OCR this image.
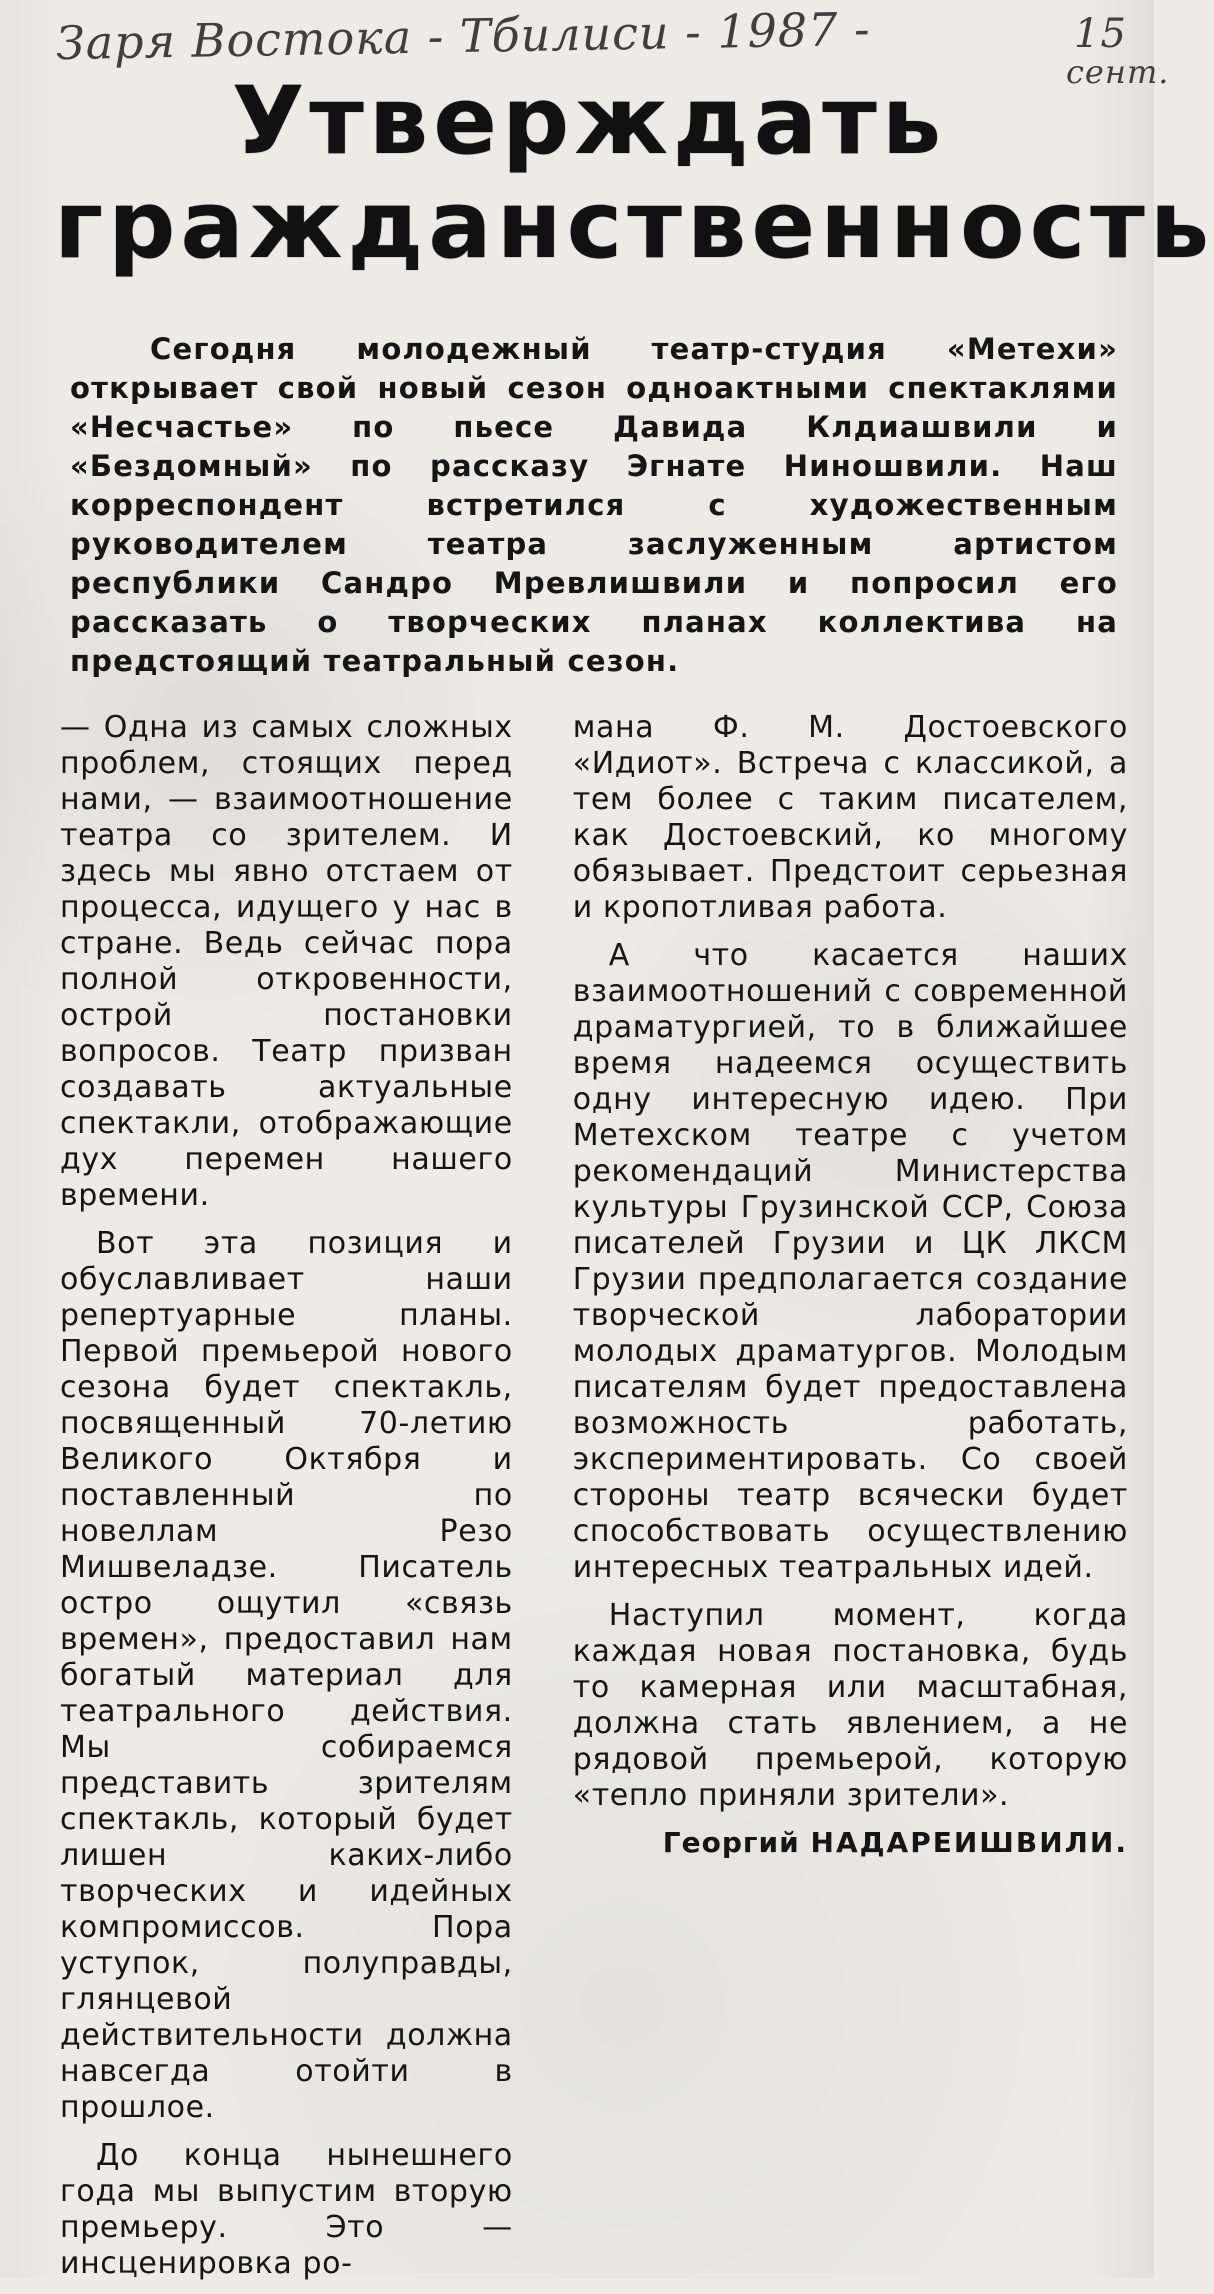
Заря Востока - Тбилиси - 1987 -	15
сент.
Утверждать
гражданственность

Сегодня молодежный театр-студия «Метехи» открывает свой новый сезон одноактными спектаклями «Несчастье» по пьесе Давида Клдиашвили и «Бездомный» по рассказу Эгнате Ниношвили. Наш корреспондент встретился с художественным руководителем театра заслуженным артистом республики Сандро Мревлишвили и попросил его рассказать о творческих планах коллектива на предстоящий театральный сезон.

— Одна из самых сложных проблем, стоящих перед нами, — взаимоотношение театра со зрителем. И здесь мы явно отстаем от процесса, идущего у нас в стране. Ведь сейчас пора полной откровенности, острой постановки вопросов. Театр призван создавать актуальные спектакли, отображающие дух перемен нашего времени.

Вот эта позиция и обуславливает наши репертуарные планы. Первой премьерой нового сезона будет спектакль, посвященный 70-летию Великого Октября и поставленный по новеллам Резо Мишвеладзе. Писатель остро ощутил «связь времен», предоставил нам богатый материал для театрального действия. Мы собираемся представить зрителям спектакль, который будет лишен каких-либо творческих и идейных компромиссов. Пора уступок, полуправды, глянцевой действительности должна навсегда отойти в прошлое.

До конца нынешнего года мы выпустим вторую премьеру. Это — инсценировка ро-

мана Ф. М. Достоевского «Идиот». Встреча с классикой, а тем более с таким писателем, как Достоевский, ко многому обязывает. Предстоит серьезная и кропотливая работа.

А что касается наших взаимоотношений с современной драматургией, то в ближайшее время надеемся осуществить одну интересную идею. При Метехском театре с учетом рекомендаций Министерства культуры Грузинской ССР, Союза писателей Грузии и ЦК ЛКСМ Грузии предполагается создание творческой лаборатории молодых драматургов. Молодым писателям будет предоставлена возможность работать, экспериментировать. Со своей стороны театр всячески будет способствовать осуществлению интересных театральных идей.

Наступил момент, когда каждая новая постановка, будь то камерная или масштабная, должна стать явлением, а не рядовой премьерой, которую «тепло приняли зрители».

Георгий НАДАРЕИШВИЛИ.
